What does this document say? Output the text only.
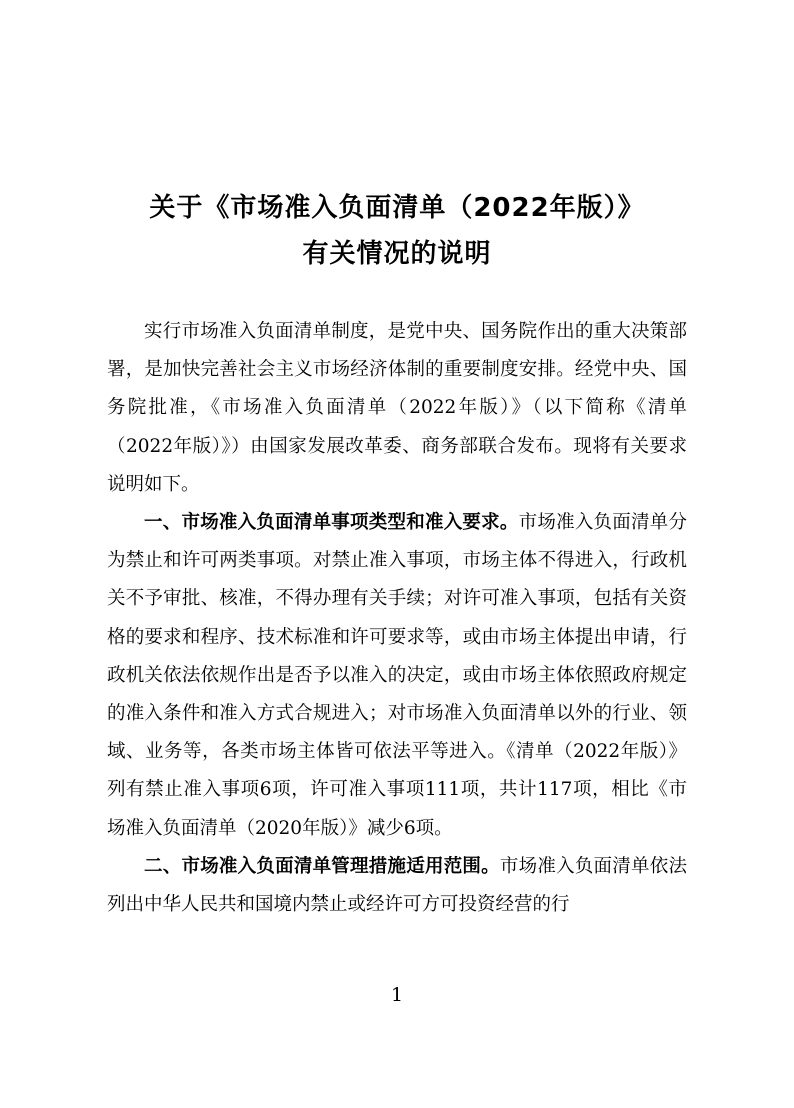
关于《市场准入负面清单（2022年版）》
有关情况的说明

实行市场准入负面清单制度，是党中央、国务院作出的重大决策部署，是加快完善社会主义市场经济体制的重要制度安排。经党中央、国务院批准，《市场准入负面清单（2022年版）》（以下简称《清单（2022年版）》）由国家发展改革委、商务部联合发布。现将有关要求说明如下。

一、市场准入负面清单事项类型和准入要求。市场准入负面清单分为禁止和许可两类事项。对禁止准入事项，市场主体不得进入，行政机关不予审批、核准，不得办理有关手续；对许可准入事项，包括有关资格的要求和程序、技术标准和许可要求等，或由市场主体提出申请，行政机关依法依规作出是否予以准入的决定，或由市场主体依照政府规定的准入条件和准入方式合规进入；对市场准入负面清单以外的行业、领域、业务等，各类市场主体皆可依法平等进入。《清单（2022年版）》列有禁止准入事项6项，许可准入事项111项，共计117项，相比《市场准入负面清单（2020年版）》减少6项。

二、市场准入负面清单管理措施适用范围。市场准入负面清单依法列出中华人民共和国境内禁止或经许可方可投资经营的行

1
